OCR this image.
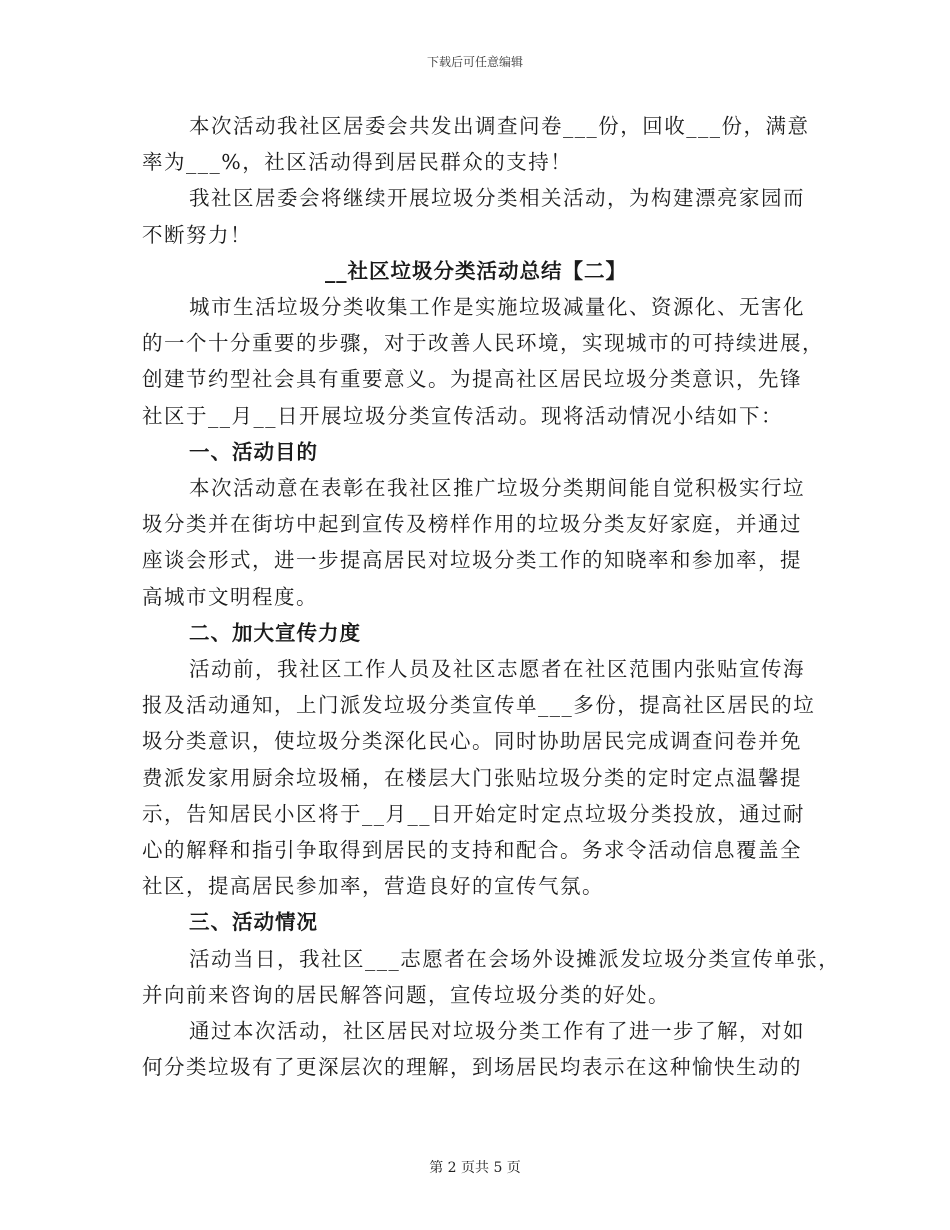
下载后可任意编辑

本次活动我社区居委会共发出调查问卷___份，回收___份，满意
率为___%，社区活动得到居民群众的支持！

我社区居委会将继续开展垃圾分类相关活动，为构建漂亮家园而
不断努力！

__社区垃圾分类活动总结【二】

城市生活垃圾分类收集工作是实施垃圾减量化、资源化、无害化
的一个十分重要的步骤，对于改善人民环境，实现城市的可持续进展，
创建节约型社会具有重要意义。为提高社区居民垃圾分类意识，先锋
社区于__月__日开展垃圾分类宣传活动。现将活动情况小结如下：

一、活动目的

本次活动意在表彰在我社区推广垃圾分类期间能自觉积极实行垃
圾分类并在街坊中起到宣传及榜样作用的垃圾分类友好家庭，并通过
座谈会形式，进一步提高居民对垃圾分类工作的知晓率和参加率，提
高城市文明程度。

二、加大宣传力度

活动前，我社区工作人员及社区志愿者在社区范围内张贴宣传海
报及活动通知，上门派发垃圾分类宣传单___多份，提高社区居民的垃
圾分类意识，使垃圾分类深化民心。同时协助居民完成调查问卷并免
费派发家用厨余垃圾桶，在楼层大门张贴垃圾分类的定时定点温馨提
示，告知居民小区将于__月__日开始定时定点垃圾分类投放，通过耐
心的解释和指引争取得到居民的支持和配合。务求令活动信息覆盖全
社区，提高居民参加率，营造良好的宣传气氛。

三、活动情况

活动当日，我社区___志愿者在会场外设摊派发垃圾分类宣传单张，
并向前来咨询的居民解答问题，宣传垃圾分类的好处。

通过本次活动，社区居民对垃圾分类工作有了进一步了解，对如
何分类垃圾有了更深层次的理解，到场居民均表示在这种愉快生动的

第 2 页共 5 页
